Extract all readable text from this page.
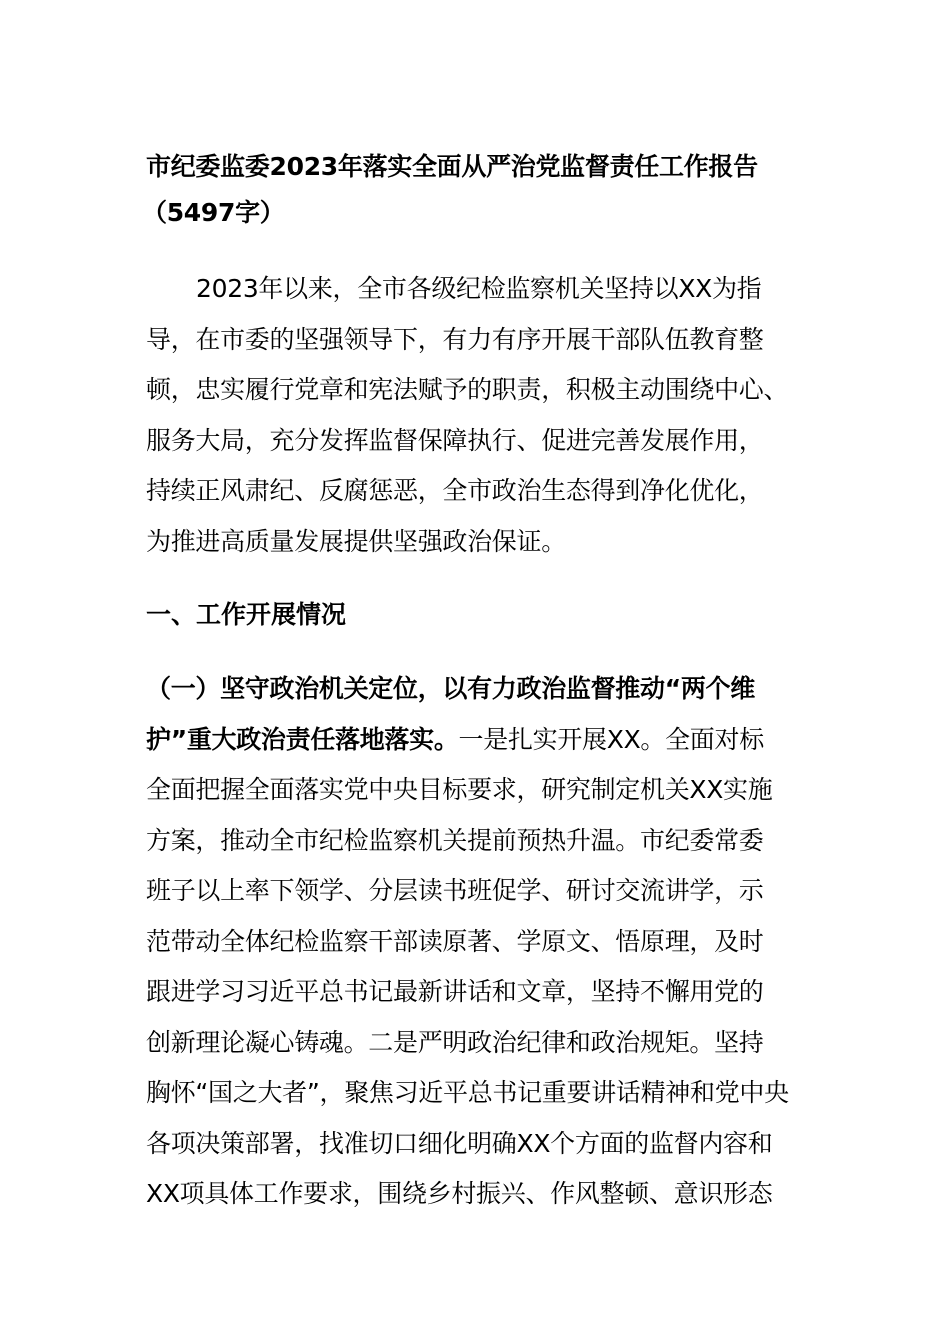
市纪委监委2023年落实全面从严治党监督责任工作报告
（5497字）
2023年以来，全市各级纪检监察机关坚持以XX为指
导，在市委的坚强领导下，有力有序开展干部队伍教育整
顿，忠实履行党章和宪法赋予的职责，积极主动围绕中心、
服务大局，充分发挥监督保障执行、促进完善发展作用，
持续正风肃纪、反腐惩恶，全市政治生态得到净化优化，
为推进高质量发展提供坚强政治保证。
一、工作开展情况
（一）坚守政治机关定位，以有力政治监督推动“两个维
护”重大政治责任落地落实。一是扎实开展XX。全面对标
全面把握全面落实党中央目标要求，研究制定机关XX实施
方案，推动全市纪检监察机关提前预热升温。市纪委常委
班子以上率下领学、分层读书班促学、研讨交流讲学，示
范带动全体纪检监察干部读原著、学原文、悟原理，及时
跟进学习习近平总书记最新讲话和文章，坚持不懈用党的
创新理论凝心铸魂。二是严明政治纪律和政治规矩。坚持
胸怀“国之大者”，聚焦习近平总书记重要讲话精神和党中央
各项决策部署，找准切口细化明确XX个方面的监督内容和
XX项具体工作要求，围绕乡村振兴、作风整顿、意识形态
